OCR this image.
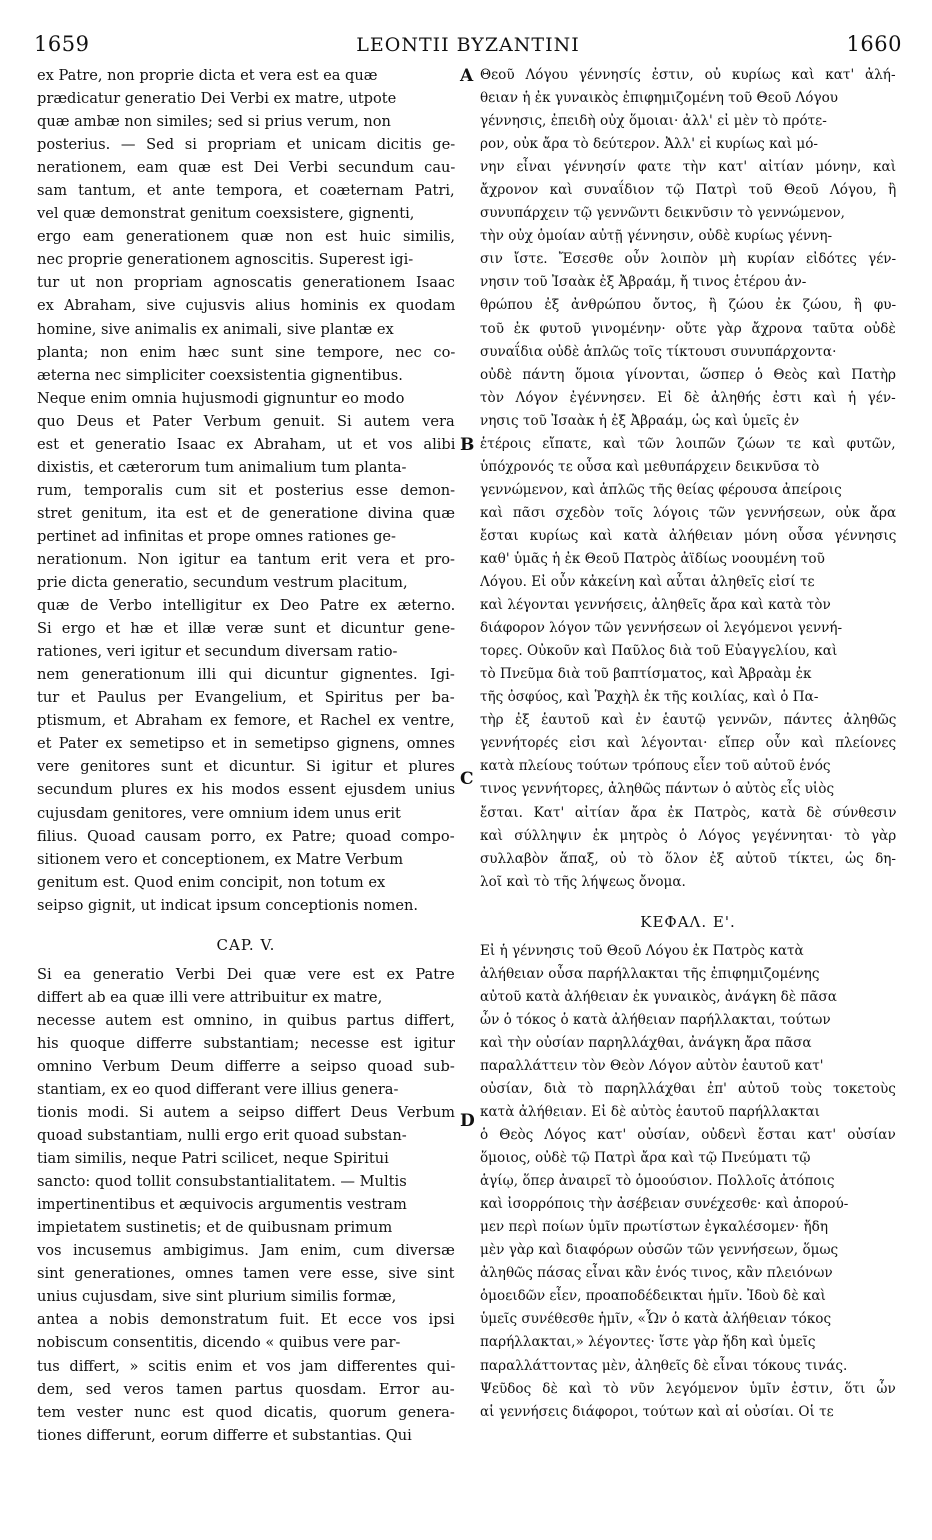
1659	LEONTII BYZANTINI	1660
A
B
C
D
ex Patre, non proprie dicta et vera est ea quæ
prædicatur generatio Dei Verbi ex matre, utpote
quæ ambæ non similes; sed si prius verum, non
posterius. — Sed si propriam et unicam dicitis ge-
nerationem, eam quæ est Dei Verbi secundum cau-
sam tantum, et ante tempora, et coæternam Patri,
vel quæ demonstrat genitum coexsistere, gignenti,
ergo eam generationem quæ non est huic similis,
nec proprie generationem agnoscitis. Superest igi-
tur ut non propriam agnoscatis generationem Isaac
ex Abraham, sive cujusvis alius hominis ex quodam
homine, sive animalis ex animali, sive plantæ ex
planta; non enim hæc sunt sine tempore, nec co-
æterna nec simpliciter coexsistentia gignentibus.
Neque enim omnia hujusmodi gignuntur eo modo
quo Deus et Pater Verbum genuit. Si autem vera
est et generatio Isaac ex Abraham, ut et vos alibi
dixistis, et cæterorum tum animalium tum planta-
rum, temporalis cum sit et posterius esse demon-
stret genitum, ita est et de generatione divina quæ
pertinet ad infinitas et prope omnes rationes ge-
nerationum. Non igitur ea tantum erit vera et pro-
prie dicta generatio, secundum vestrum placitum,
quæ de Verbo intelligitur ex Deo Patre ex æterno.
Si ergo et hæ et illæ veræ sunt et dicuntur gene-
rationes, veri igitur et secundum diversam ratio-
nem generationum illi qui dicuntur gignentes. Igi-
tur et Paulus per Evangelium, et Spiritus per ba-
ptismum, et Abraham ex femore, et Rachel ex ventre,
et Pater ex semetipso et in semetipso gignens, omnes
vere genitores sunt et dicuntur. Si igitur et plures
secundum plures ex his modos essent ejusdem unius
cujusdam genitores, vere omnium idem unus erit
filius. Quoad causam porro, ex Patre; quoad compo-
sitionem vero et conceptionem, ex Matre Verbum
genitum est. Quod enim concipit, non totum ex
seipso gignit, ut indicat ipsum conceptionis nomen.
CAP. V.
Si ea generatio Verbi Dei quæ vere est ex Patre
differt ab ea quæ illi vere attribuitur ex matre,
necesse autem est omnino, in quibus partus differt,
his quoque differre substantiam; necesse est igitur
omnino Verbum Deum differre a seipso quoad sub-
stantiam, ex eo quod differant vere illius genera-
tionis modi. Si autem a seipso differt Deus Verbum
quoad substantiam, nulli ergo erit quoad substan-
tiam similis, neque Patri scilicet, neque Spiritui
sancto: quod tollit consubstantialitatem. — Multis
impertinentibus et æquivocis argumentis vestram
impietatem sustinetis; et de quibusnam primum
vos incusemus ambigimus. Jam enim, cum diversæ
sint generationes, omnes tamen vere esse, sive sint
unius cujusdam, sive sint plurium similis formæ,
antea a nobis demonstratum fuit. Et ecce vos ipsi
nobiscum consentitis, dicendo « quibus vere par-
tus differt, » scitis enim et vos jam differentes qui-
dem, sed veros tamen partus quosdam. Error au-
tem vester nunc est quod dicatis, quorum genera-
tiones differunt, eorum differre et substantias. Qui
Θεοῦ Λόγου γέννησίς ἐστιν, οὐ κυρίως καὶ κατ' ἀλή-
θειαν ἡ ἐκ γυναικὸς ἐπιφημιζομένη τοῦ Θεοῦ Λόγου
γέννησις, ἐπειδὴ οὐχ ὅμοιαι· ἀλλ' εἰ μὲν τὸ πρότε-
ρον, οὐκ ἄρα τὸ δεύτερον. Ἀλλ' εἰ κυρίως καὶ μό-
νην εἶναι γέννησίν φατε τὴν κατ' αἰτίαν μόνην, καὶ
ἄχρονον καὶ συναΐδιον τῷ Πατρὶ τοῦ Θεοῦ Λόγου, ἢ
συνυπάρχειν τῷ γεννῶντι δεικνῦσιν τὸ γεννώμενον,
τὴν οὐχ ὁμοίαν αὐτῇ γέννησιν, οὐδὲ κυρίως γέννη-
σιν ἴστε. Ἔσεσθε οὖν λοιπὸν μὴ κυρίαν εἰδότες γέν-
νησιν τοῦ Ἰσαὰκ ἐξ Ἀβραάμ, ἤ τινος ἑτέρου ἀν-
θρώπου ἐξ ἀνθρώπου ὄντος, ἢ ζώου ἐκ ζώου, ἢ φυ-
τοῦ ἐκ φυτοῦ γινομένην· οὔτε γὰρ ἄχρονα ταῦτα οὐδὲ
συναΐδια οὐδὲ ἁπλῶς τοῖς τίκτουσι συνυπάρχοντα·
οὐδὲ πάντη ὅμοια γίνονται, ὥσπερ ὁ Θεὸς καὶ Πατὴρ
τὸν Λόγον ἐγέννησεν. Εἰ δὲ ἀληθής ἐστι καὶ ἡ γέν-
νησις τοῦ Ἰσαὰκ ἡ ἐξ Ἀβραάμ, ὡς καὶ ὑμεῖς ἐν
ἑτέροις εἴπατε, καὶ τῶν λοιπῶν ζώων τε καὶ φυτῶν,
ὑπόχρονός τε οὖσα καὶ μεθυπάρχειν δεικνῦσα τὸ
γεννώμενον, καὶ ἁπλῶς τῆς θείας φέρουσα ἀπείροις
καὶ πᾶσι σχεδὸν τοῖς λόγοις τῶν γεννήσεων, οὐκ ἄρα
ἔσται κυρίως καὶ κατὰ ἀλήθειαν μόνη οὖσα γέννησις
καθ' ὑμᾶς ἡ ἐκ Θεοῦ Πατρὸς ἀϊδίως νοουμένη τοῦ
Λόγου. Εἰ οὖν κἀκείνη καὶ αὗται ἀληθεῖς εἰσί τε
καὶ λέγονται γεννήσεις, ἀληθεῖς ἄρα καὶ κατὰ τὸν
διάφορον λόγον τῶν γεννήσεων οἱ λεγόμενοι γεννή-
τορες. Οὐκοῦν καὶ Παῦλος διὰ τοῦ Εὐαγγελίου, καὶ
τὸ Πνεῦμα διὰ τοῦ βαπτίσματος, καὶ Ἀβραὰμ ἐκ
τῆς ὀσφύος, καὶ Ῥαχὴλ ἐκ τῆς κοιλίας, καὶ ὁ Πα-
τὴρ ἐξ ἑαυτοῦ καὶ ἐν ἑαυτῷ γεννῶν, πάντες ἀληθῶς
γεννήτορές εἰσι καὶ λέγονται· εἴπερ οὖν καὶ πλείονες
κατὰ πλείους τούτων τρόπους εἶεν τοῦ αὐτοῦ ἑνός
τινος γεννήτορες, ἀληθῶς πάντων ὁ αὐτὸς εἷς υἱὸς
ἔσται. Κατ' αἰτίαν ἄρα ἐκ Πατρὸς, κατὰ δὲ σύνθεσιν
καὶ σύλληψιν ἐκ μητρὸς ὁ Λόγος γεγέννηται· τὸ γὰρ
συλλαβὸν ἅπαξ, οὐ τὸ ὅλον ἐξ αὐτοῦ τίκτει, ὡς δη-
λοῖ καὶ τὸ τῆς λήψεως ὄνομα.
ΚΕΦΑΛ. Ε'.
Εἰ ἡ γέννησις τοῦ Θεοῦ Λόγου ἐκ Πατρὸς κατὰ
ἀλήθειαν οὖσα παρήλλακται τῆς ἐπιφημιζομένης
αὐτοῦ κατὰ ἀλήθειαν ἐκ γυναικὸς, ἀνάγκη δὲ πᾶσα
ὧν ὁ τόκος ὁ κατὰ ἀλήθειαν παρήλλακται, τούτων
καὶ τὴν οὐσίαν παρηλλάχθαι, ἀνάγκη ἄρα πᾶσα
παραλλάττειν τὸν Θεὸν Λόγον αὐτὸν ἑαυτοῦ κατ'
οὐσίαν, διὰ τὸ παρηλλάχθαι ἐπ' αὐτοῦ τοὺς τοκετοὺς
κατὰ ἀλήθειαν. Εἰ δὲ αὐτὸς ἑαυτοῦ παρήλλακται
ὁ Θεὸς Λόγος κατ' οὐσίαν, οὐδενὶ ἔσται κατ' οὐσίαν
ὅμοιος, οὐδὲ τῷ Πατρὶ ἄρα καὶ τῷ Πνεύματι τῷ
ἁγίῳ, ὅπερ ἀναιρεῖ τὸ ὁμοούσιον. Πολλοῖς ἀτόποις
καὶ ἰσορρόποις τὴν ἀσέβειαν συνέχεσθε· καὶ ἀπορού-
μεν περὶ ποίων ὑμῖν πρωτίστων ἐγκαλέσομεν· ἤδη
μὲν γὰρ καὶ διαφόρων οὐσῶν τῶν γεννήσεων, ὅμως
ἀληθῶς πάσας εἶναι κἂν ἑνός τινος, κἂν πλειόνων
ὁμοειδῶν εἶεν, προαποδέδεικται ἡμῖν. Ἰδοὺ δὲ καὶ
ὑμεῖς συνέθεσθε ἡμῖν, «Ὧν ὁ κατὰ ἀλήθειαν τόκος
παρήλλακται,» λέγοντες· ἴστε γὰρ ἤδη καὶ ὑμεῖς
παραλλάττοντας μὲν, ἀληθεῖς δὲ εἶναι τόκους τινάς.
Ψεῦδος δὲ καὶ τὸ νῦν λεγόμενον ὑμῖν ἐστιν, ὅτι ὧν
αἱ γεννήσεις διάφοροι, τούτων καὶ αἱ οὐσίαι. Οἱ τε
